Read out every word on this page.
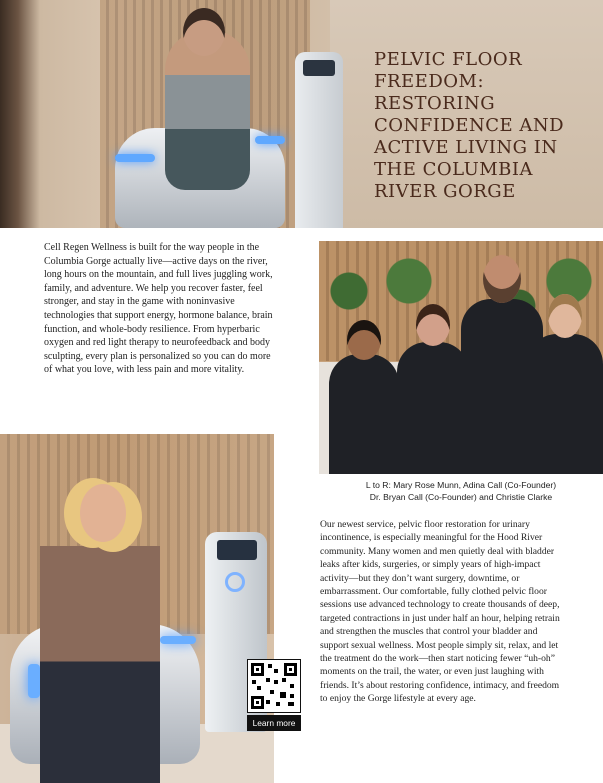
PELVIC FLOOR FREEDOM: RESTORING CONFIDENCE AND ACTIVE LIVING IN THE COLUMBIA RIVER GORGE

Cell Regen Wellness is built for the way people in the Columbia Gorge actually live—active days on the river, long hours on the mountain, and full lives juggling work, family, and adventure. We help you recover faster, feel stronger, and stay in the game with noninvasive technologies that support energy, hormone balance, brain function, and whole-body resilience. From hyperbaric oxygen and red light therapy to neurofeedback and body sculpting, every plan is personalized so you can do more of what you love, with less pain and more vitality.

L to R: Mary Rose Munn, Adina Call (Co-Founder)
Dr. Bryan Call (Co-Founder) and Christie Clarke
Learn more

Our newest service, pelvic floor restoration for urinary incontinence, is especially meaningful for the Hood River community. Many women and men quietly deal with bladder leaks after kids, surgeries, or simply years of high-impact activity—but they don’t want surgery, downtime, or embarrassment. Our comfortable, fully clothed pelvic floor sessions use advanced technology to create thousands of deep, targeted contractions in just under half an hour, helping retrain and strengthen the muscles that control your bladder and support sexual wellness. Most people simply sit, relax, and let the treatment do the work—then start noticing fewer “uh-oh” moments on the trail, the water, or even just laughing with friends. It’s about restoring confidence, intimacy, and freedom to enjoy the Gorge lifestyle at every age.
